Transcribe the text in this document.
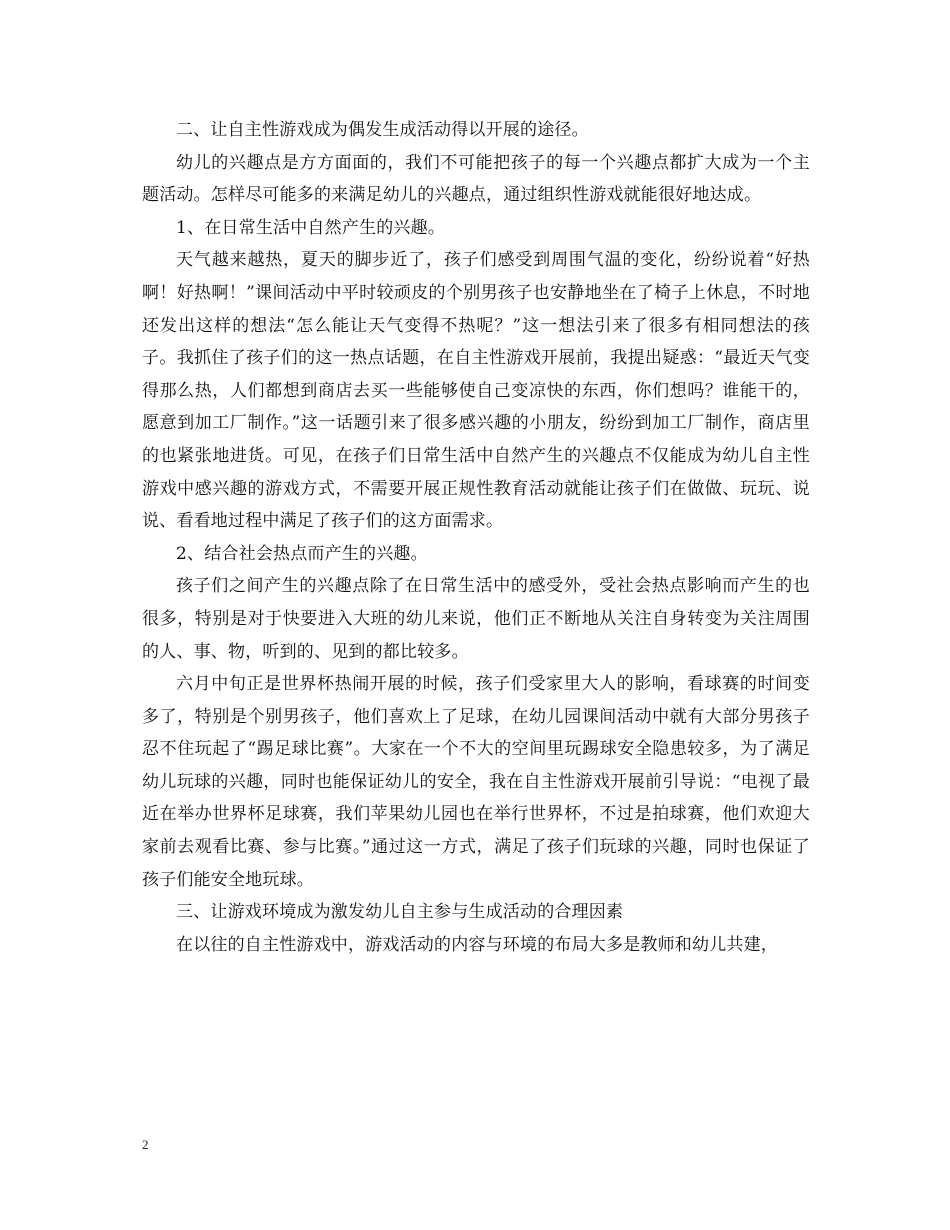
二、让自主性游戏成为偶发生成活动得以开展的途径。

幼儿的兴趣点是方方面面的，我们不可能把孩子的每一个兴趣点都扩大成为一个主题活动。怎样尽可能多的来满足幼儿的兴趣点，通过组织性游戏就能很好地达成。

1、在日常生活中自然产生的兴趣。

天气越来越热，夏天的脚步近了，孩子们感受到周围气温的变化，纷纷说着“好热啊！好热啊！”课间活动中平时较顽皮的个别男孩子也安静地坐在了椅子上休息，不时地还发出这样的想法“怎么能让天气变得不热呢？”这一想法引来了很多有相同想法的孩子。我抓住了孩子们的这一热点话题，在自主性游戏开展前，我提出疑惑：“最近天气变得那么热，人们都想到商店去买一些能够使自己变凉快的东西，你们想吗？谁能干的，愿意到加工厂制作。”这一话题引来了很多感兴趣的小朋友，纷纷到加工厂制作，商店里的也紧张地进货。可见，在孩子们日常生活中自然产生的兴趣点不仅能成为幼儿自主性游戏中感兴趣的游戏方式，不需要开展正规性教育活动就能让孩子们在做做、玩玩、说说、看看地过程中满足了孩子们的这方面需求。

2、结合社会热点而产生的兴趣。

孩子们之间产生的兴趣点除了在日常生活中的感受外，受社会热点影响而产生的也很多，特别是对于快要进入大班的幼儿来说，他们正不断地从关注自身转变为关注周围的人、事、物，听到的、见到的都比较多。

六月中旬正是世界杯热闹开展的时候，孩子们受家里大人的影响，看球赛的时间变多了，特别是个别男孩子，他们喜欢上了足球，在幼儿园课间活动中就有大部分男孩子忍不住玩起了“踢足球比赛”。大家在一个不大的空间里玩踢球安全隐患较多，为了满足幼儿玩球的兴趣，同时也能保证幼儿的安全，我在自主性游戏开展前引导说：“电视了最近在举办世界杯足球赛，我们苹果幼儿园也在举行世界杯，不过是拍球赛，他们欢迎大家前去观看比赛、参与比赛。”通过这一方式，满足了孩子们玩球的兴趣，同时也保证了孩子们能安全地玩球。

三、让游戏环境成为激发幼儿自主参与生成活动的合理因素

在以往的自主性游戏中，游戏活动的内容与环境的布局大多是教师和幼儿共建，

2
